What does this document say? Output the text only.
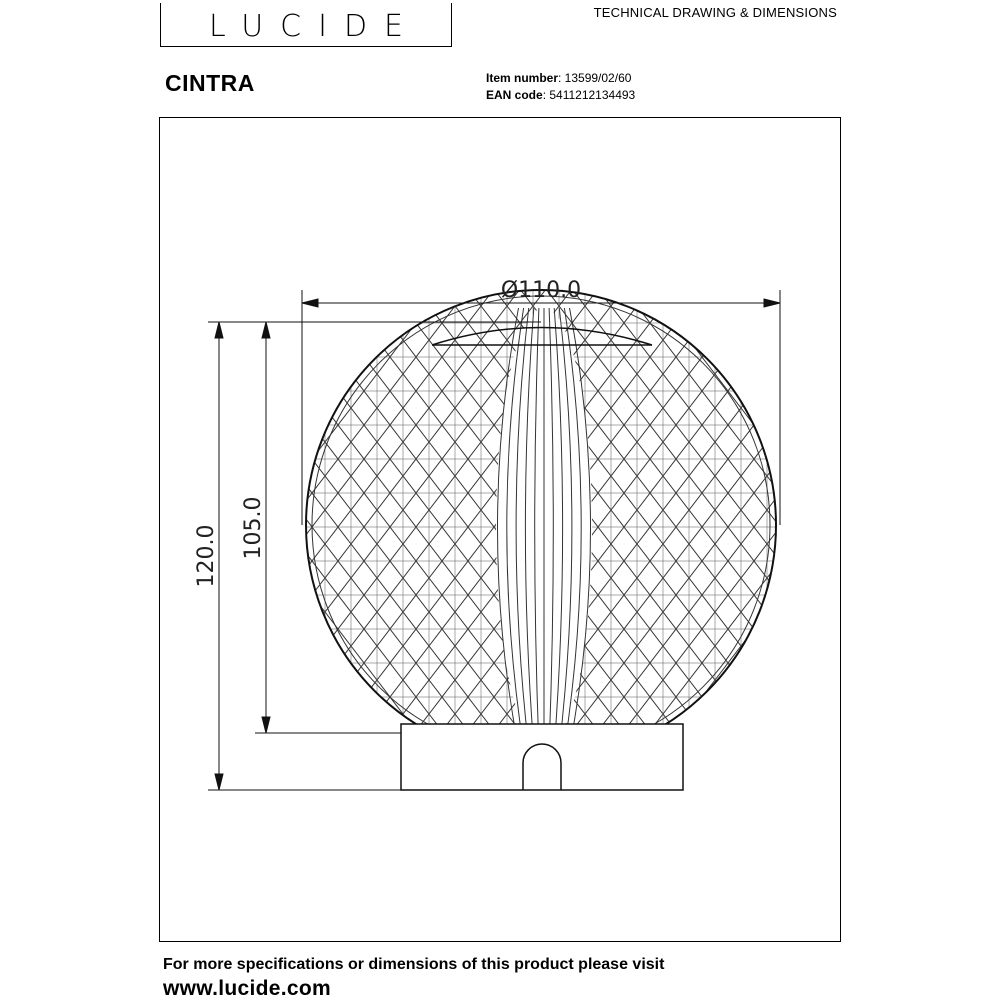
LUCIDE	TECHNICAL DRAWING & DIMENSIONS
CINTRA	Item number: 13599/02/60
EAN code: 5411212134493
Ø110.0
120.0 105.0
For more specifications or dimensions of this product please visit
www.lucide.com
